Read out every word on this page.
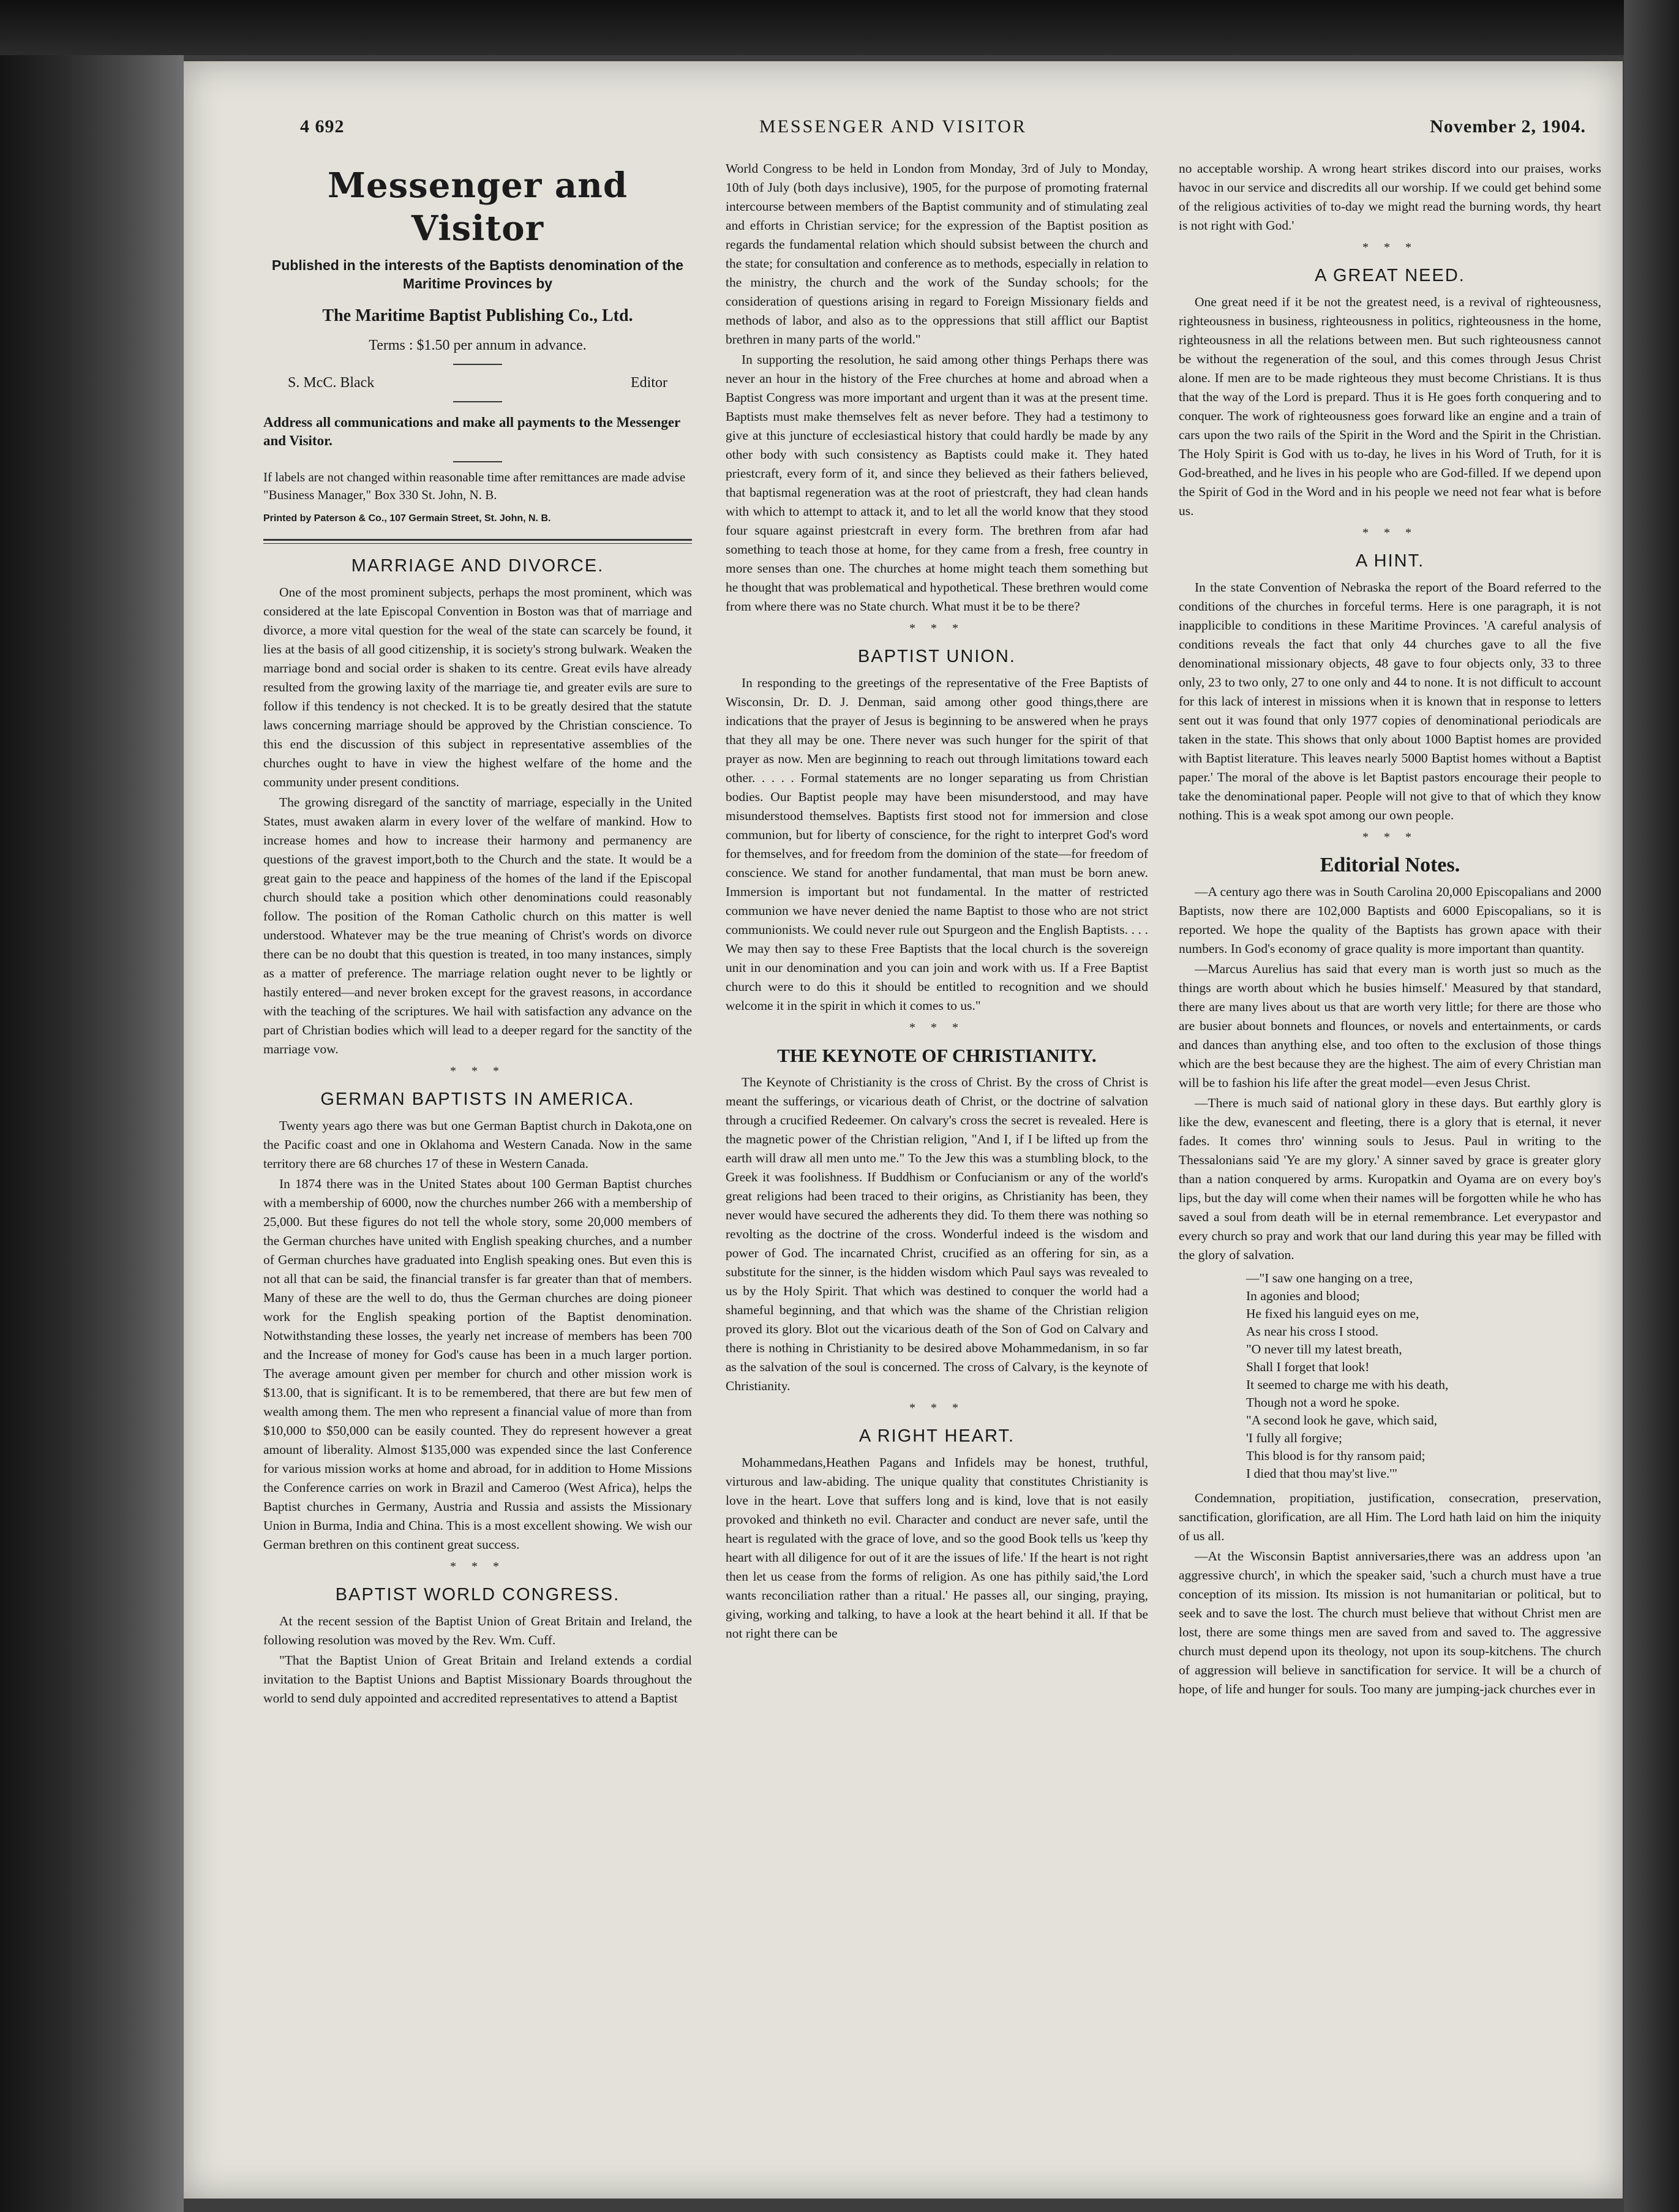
4 692	MESSENGER AND VISITOR	November 2, 1904.
Messenger and Visitor
Published in the interests of the Baptists denomination of the Maritime Provinces by
The Maritime Baptist Publishing Co., Ltd.
Terms : $1.50 per annum in advance.
S. McC. Black	Editor
Address all communications and make all payments to the Messenger and Visitor.
If labels are not changed within reasonable time after remittances are made advise "Business Manager," Box 330 St. John, N. B.
Printed by Paterson & Co., 107 Germain Street, St. John, N. B.
MARRIAGE AND DIVORCE.

One of the most prominent subjects, perhaps the most prominent, which was considered at the late Episcopal Convention in Boston was that of marriage and divorce, a more vital question for the weal of the state can scarcely be found, it lies at the basis of all good citizenship, it is society's strong bulwark. Weaken the marriage bond and social order is shaken to its centre. Great evils have already resulted from the growing laxity of the marriage tie, and greater evils are sure to follow if this tendency is not checked. It is to be greatly desired that the statute laws concerning marriage should be approved by the Christian conscience. To this end the discussion of this subject in representative assemblies of the churches ought to have in view the highest welfare of the home and the community under present conditions.

The growing disregard of the sanctity of marriage, especially in the United States, must awaken alarm in every lover of the welfare of mankind. How to increase homes and how to increase their harmony and permanency are questions of the gravest import,both to the Church and the state. It would be a great gain to the peace and happiness of the homes of the land if the Episcopal church should take a position which other denominations could reasonably follow. The position of the Roman Catholic church on this matter is well understood. Whatever may be the true meaning of Christ's words on divorce there can be no doubt that this question is treated, in too many instances, simply as a matter of preference. The marriage relation ought never to be lightly or hastily entered—and never broken except for the gravest reasons, in accordance with the teaching of the scriptures. We hail with satisfaction any advance on the part of Christian bodies which will lead to a deeper regard for the sanctity of the marriage vow.

* * *
GERMAN BAPTISTS IN AMERICA.

Twenty years ago there was but one German Baptist church in Dakota,one on the Pacific coast and one in Oklahoma and Western Canada. Now in the same territory there are 68 churches 17 of these in Western Canada.

In 1874 there was in the United States about 100 German Baptist churches with a membership of 6000, now the churches number 266 with a membership of 25,000. But these figures do not tell the whole story, some 20,000 members of the German churches have united with English speaking churches, and a number of German churches have graduated into English speaking ones. But even this is not all that can be said, the financial transfer is far greater than that of members. Many of these are the well to do, thus the German churches are doing pioneer work for the English speaking portion of the Baptist denomination. Notwithstanding these losses, the yearly net increase of members has been 700 and the Increase of money for God's cause has been in a much larger portion. The average amount given per member for church and other mission work is $13.00, that is significant. It is to be remembered, that there are but few men of wealth among them. The men who represent a financial value of more than from $10,000 to $50,000 can be easily counted. They do represent however a great amount of liberality. Almost $135,000 was expended since the last Conference for various mission works at home and abroad, for in addition to Home Missions the Conference carries on work in Brazil and Cameroo (West Africa), helps the Baptist churches in Germany, Austria and Russia and assists the Missionary Union in Burma, India and China. This is a most excellent showing. We wish our German brethren on this continent great success.

* * *
BAPTIST WORLD CONGRESS.

At the recent session of the Baptist Union of Great Britain and Ireland, the following resolution was moved by the Rev. Wm. Cuff.

"That the Baptist Union of Great Britain and Ireland extends a cordial invitation to the Baptist Unions and Baptist Missionary Boards throughout the world to send duly appointed and accredited representatives to attend a Baptist

World Congress to be held in London from Monday, 3rd of July to Monday, 10th of July (both days inclusive), 1905, for the purpose of promoting fraternal intercourse between members of the Baptist community and of stimulating zeal and efforts in Christian service; for the expression of the Baptist position as regards the fundamental relation which should subsist between the church and the state; for consultation and conference as to methods, especially in relation to the ministry, the church and the work of the Sunday schools; for the consideration of questions arising in regard to Foreign Missionary fields and methods of labor, and also as to the oppressions that still afflict our Baptist brethren in many parts of the world."

In supporting the resolution, he said among other things Perhaps there was never an hour in the history of the Free churches at home and abroad when a Baptist Congress was more important and urgent than it was at the present time. Baptists must make themselves felt as never before. They had a testimony to give at this juncture of ecclesiastical history that could hardly be made by any other body with such consistency as Baptists could make it. They hated priestcraft, every form of it, and since they believed as their fathers believed, that baptismal regeneration was at the root of priestcraft, they had clean hands with which to attempt to attack it, and to let all the world know that they stood four square against priestcraft in every form. The brethren from afar had something to teach those at home, for they came from a fresh, free country in more senses than one. The churches at home might teach them something but he thought that was problematical and hypothetical. These brethren would come from where there was no State church. What must it be to be there?

* * *
BAPTIST UNION.

In responding to the greetings of the representative of the Free Baptists of Wisconsin, Dr. D. J. Denman, said among other good things,there are indications that the prayer of Jesus is beginning to be answered when he prays that they all may be one. There never was such hunger for the spirit of that prayer as now. Men are beginning to reach out through limitations toward each other. . . . . Formal statements are no longer separating us from Christian bodies. Our Baptist people may have been misunderstood, and may have misunderstood themselves. Baptists first stood not for immersion and close communion, but for liberty of conscience, for the right to interpret God's word for themselves, and for freedom from the dominion of the state—for freedom of conscience. We stand for another fundamental, that man must be born anew. Immersion is important but not fundamental. In the matter of restricted communion we have never denied the name Baptist to those who are not strict communionists. We could never rule out Spurgeon and the English Baptists. . . . We may then say to these Free Baptists that the local church is the sovereign unit in our denomination and you can join and work with us. If a Free Baptist church were to do this it should be entitled to recognition and we should welcome it in the spirit in which it comes to us."

* * *
THE KEYNOTE OF CHRISTIANITY.

The Keynote of Christianity is the cross of Christ. By the cross of Christ is meant the sufferings, or vicarious death of Christ, or the doctrine of salvation through a crucified Redeemer. On calvary's cross the secret is revealed. Here is the magnetic power of the Christian religion, "And I, if I be lifted up from the earth will draw all men unto me." To the Jew this was a stumbling block, to the Greek it was foolishness. If Buddhism or Confucianism or any of the world's great religions had been traced to their origins, as Christianity has been, they never would have secured the adherents they did. To them there was nothing so revolting as the doctrine of the cross. Wonderful indeed is the wisdom and power of God. The incarnated Christ, crucified as an offering for sin, as a substitute for the sinner, is the hidden wisdom which Paul says was revealed to us by the Holy Spirit. That which was destined to conquer the world had a shameful beginning, and that which was the shame of the Christian religion proved its glory. Blot out the vicarious death of the Son of God on Calvary and there is nothing in Christianity to be desired above Mohammedanism, in so far as the salvation of the soul is concerned. The cross of Calvary, is the keynote of Christianity.

* * *
A RIGHT HEART.

Mohammedans,Heathen Pagans and Infidels may be honest, truthful, virturous and law-abiding. The unique quality that constitutes Christianity is love in the heart. Love that suffers long and is kind, love that is not easily provoked and thinketh no evil. Character and conduct are never safe, until the heart is regulated with the grace of love, and so the good Book tells us 'keep thy heart with all diligence for out of it are the issues of life.' If the heart is not right then let us cease from the forms of religion. As one has pithily said,'the Lord wants reconciliation rather than a ritual.' He passes all, our singing, praying, giving, working and talking, to have a look at the heart behind it all. If that be not right there can be

no acceptable worship. A wrong heart strikes discord into our praises, works havoc in our service and discredits all our worship. If we could get behind some of the religious activities of to-day we might read the burning words, thy heart is not right with God.'

* * *
A GREAT NEED.

One great need if it be not the greatest need, is a revival of righteousness, righteousness in business, righteousness in politics, righteousness in the home, righteousness in all the relations between men. But such righteousness cannot be without the regeneration of the soul, and this comes through Jesus Christ alone. If men are to be made righteous they must become Christians. It is thus that the way of the Lord is prepard. Thus it is He goes forth conquering and to conquer. The work of righteousness goes forward like an engine and a train of cars upon the two rails of the Spirit in the Word and the Spirit in the Christian. The Holy Spirit is God with us to-day, he lives in his Word of Truth, for it is God-breathed, and he lives in his people who are God-filled. If we depend upon the Spirit of God in the Word and in his people we need not fear what is before us.

* * *
A HINT.

In the state Convention of Nebraska the report of the Board referred to the conditions of the churches in forceful terms. Here is one paragraph, it is not inapplicible to conditions in these Maritime Provinces. 'A careful analysis of conditions reveals the fact that only 44 churches gave to all the five denominational missionary objects, 48 gave to four objects only, 33 to three only, 23 to two only, 27 to one only and 44 to none. It is not difficult to account for this lack of interest in missions when it is known that in response to letters sent out it was found that only 1977 copies of denominational periodicals are taken in the state. This shows that only about 1000 Baptist homes are provided with Baptist literature. This leaves nearly 5000 Baptist homes without a Baptist paper.' The moral of the above is let Baptist pastors encourage their people to take the denominational paper. People will not give to that of which they know nothing. This is a weak spot among our own people.

* * *
Editorial Notes.

—A century ago there was in South Carolina 20,000 Episcopalians and 2000 Baptists, now there are 102,000 Baptists and 6000 Episcopalians, so it is reported. We hope the quality of the Baptists has grown apace with their numbers. In God's economy of grace quality is more important than quantity.

—Marcus Aurelius has said that every man is worth just so much as the things are worth about which he busies himself.' Measured by that standard, there are many lives about us that are worth very little; for there are those who are busier about bonnets and flounces, or novels and entertainments, or cards and dances than anything else, and too often to the exclusion of those things which are the best because they are the highest. The aim of every Christian man will be to fashion his life after the great model—even Jesus Christ.

—There is much said of national glory in these days. But earthly glory is like the dew, evanescent and fleeting, there is a glory that is eternal, it never fades. It comes thro' winning souls to Jesus. Paul in writing to the Thessalonians said 'Ye are my glory.' A sinner saved by grace is greater glory than a nation conquered by arms. Kuropatkin and Oyama are on every boy's lips, but the day will come when their names will be forgotten while he who has saved a soul from death will be in eternal remembrance. Let everypastor and every church so pray and work that our land during this year may be filled with the glory of salvation.

—"I saw one hanging on a tree,
In agonies and blood;
He fixed his languid eyes on me,
As near his cross I stood.
"O never till my latest breath,
Shall I forget that look!
It seemed to charge me with his death,
Though not a word he spoke.
"A second look he gave, which said,
'I fully all forgive;
This blood is for thy ransom paid;
I died that thou may'st live.'"

Condemnation, propitiation, justification, consecration, preservation, sanctification, glorification, are all Him. The Lord hath laid on him the iniquity of us all.

—At the Wisconsin Baptist anniversaries,there was an address upon 'an aggressive church', in which the speaker said, 'such a church must have a true conception of its mission. Its mission is not humanitarian or political, but to seek and to save the lost. The church must believe that without Christ men are lost, there are some things men are saved from and saved to. The aggressive church must depend upon its theology, not upon its soup-kitchens. The church of aggression will believe in sanctification for service. It will be a church of hope, of life and hunger for souls. Too many are jumping-jack churches ever in
